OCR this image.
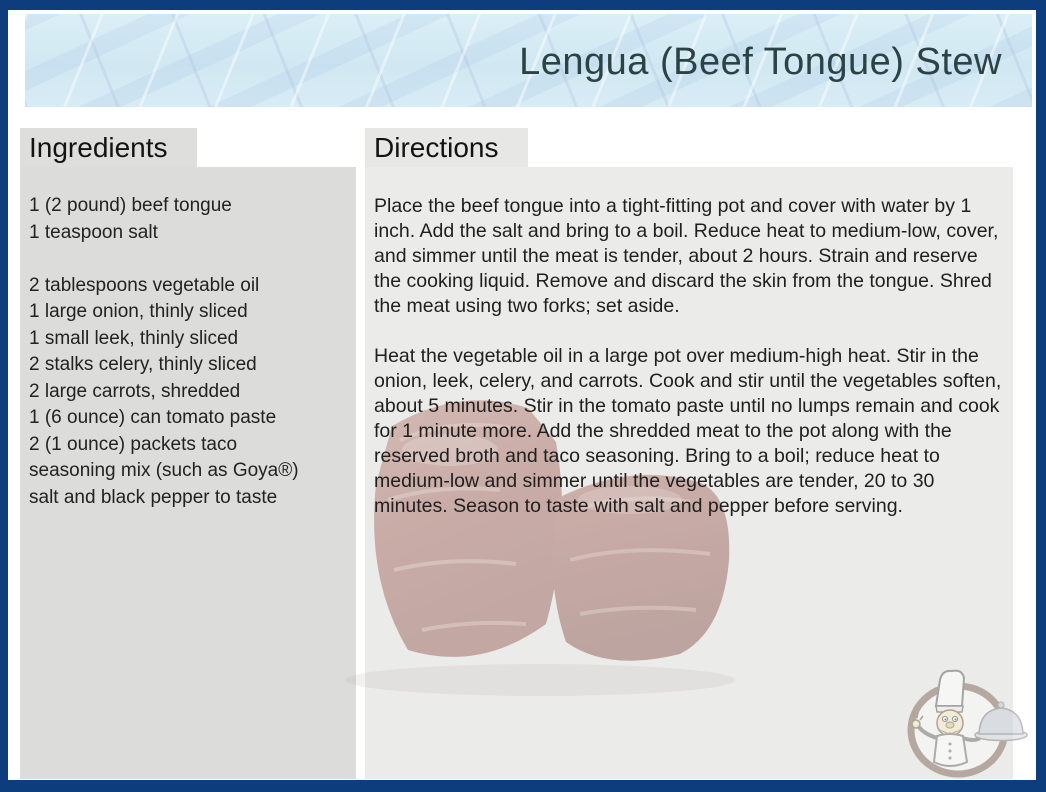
Lengua (Beef Tongue) Stew
Ingredients	Directions
1 (2 pound) beef tongue
1 teaspoon salt
2 tablespoons vegetable oil
1 large onion, thinly sliced
1 small leek, thinly sliced
2 stalks celery, thinly sliced
2 large carrots, shredded
1 (6 ounce) can tomato paste
2 (1 ounce) packets taco seasoning mix (such as Goya®)
salt and black pepper to taste

Place the beef tongue into a tight-fitting pot and cover with water by 1 inch. Add the salt and bring to a boil. Reduce heat to medium-low, cover, and simmer until the meat is tender, about 2 hours. Strain and reserve the cooking liquid. Remove and discard the skin from the tongue. Shred the meat using two forks; set aside.

Heat the vegetable oil in a large pot over medium-high heat. Stir in the onion, leek, celery, and carrots. Cook and stir until the vegetables soften, about 5 minutes. Stir in the tomato paste until no lumps remain and cook for 1 minute more. Add the shredded meat to the pot along with the reserved broth and taco seasoning. Bring to a boil; reduce heat to medium-low and simmer until the vegetables are tender, 20 to 30 minutes. Season to taste with salt and pepper before serving.
